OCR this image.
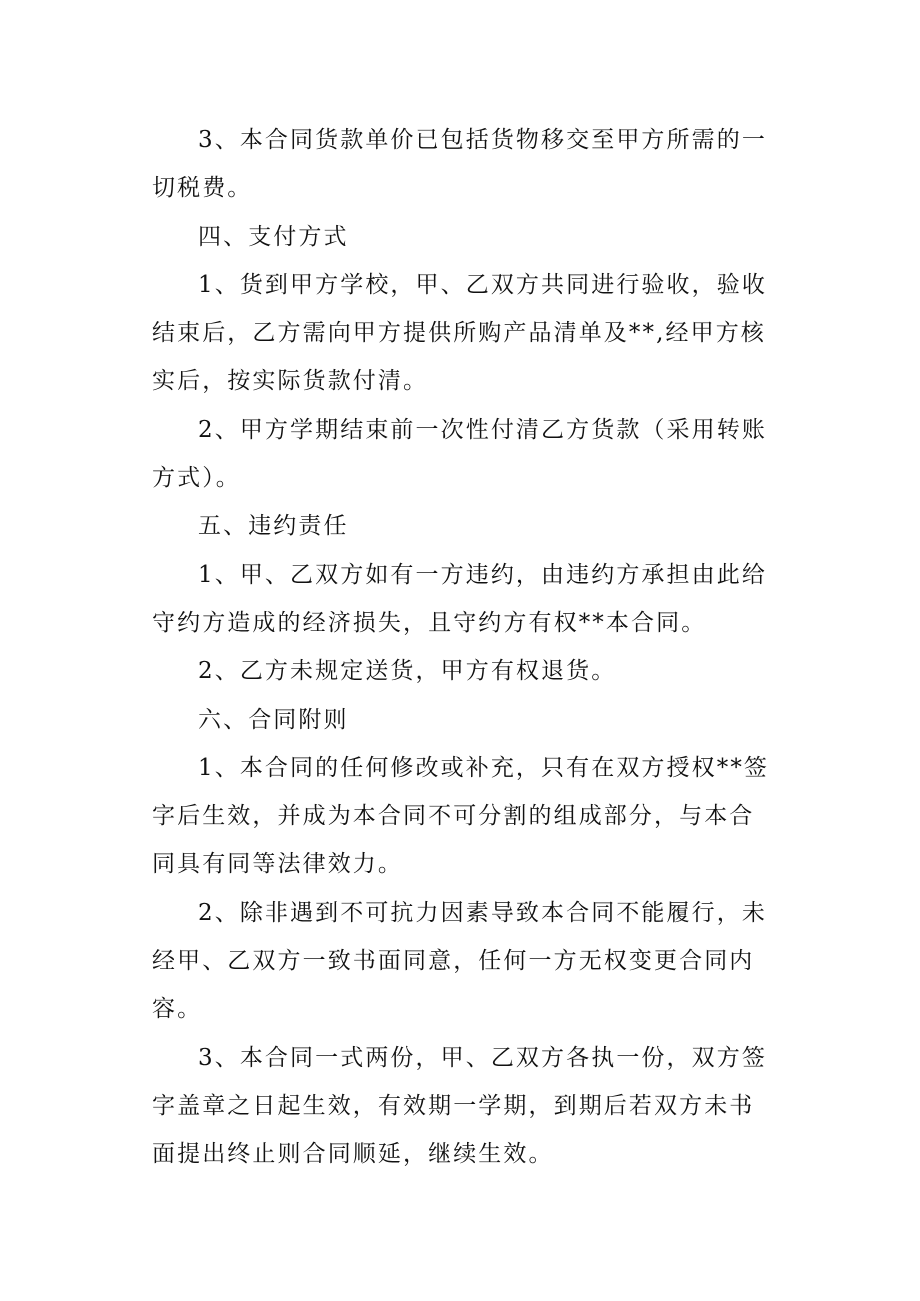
3、本合同货款单价已包括货物移交至甲方所需的一切税费。

四、支付方式

1、货到甲方学校，甲、乙双方共同进行验收，验收结束后，乙方需向甲方提供所购产品清单及**,经甲方核实后，按实际货款付清。

2、甲方学期结束前一次性付清乙方货款（采用转账方式）。

五、违约责任

1、甲、乙双方如有一方违约，由违约方承担由此给守约方造成的经济损失，且守约方有权**本合同。

2、乙方未规定送货，甲方有权退货。

六、合同附则

1、本合同的任何修改或补充，只有在双方授权**签字后生效，并成为本合同不可分割的组成部分，与本合同具有同等法律效力。

2、除非遇到不可抗力因素导致本合同不能履行，未经甲、乙双方一致书面同意，任何一方无权变更合同内容。

3、本合同一式两份，甲、乙双方各执一份，双方签字盖章之日起生效，有效期一学期，到期后若双方未书面提出终止则合同顺延，继续生效。
